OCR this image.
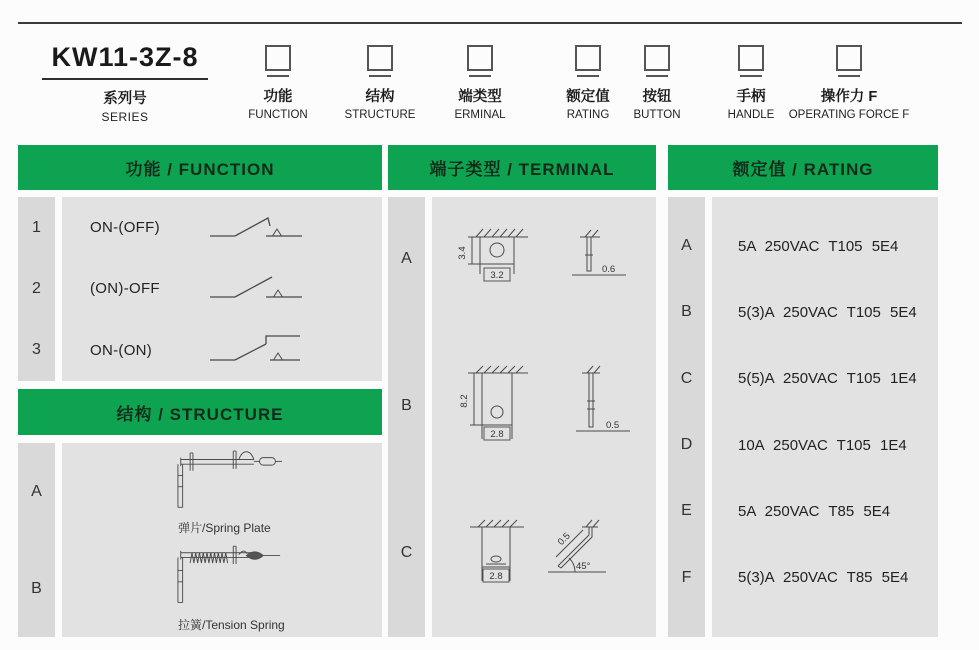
KW11-3Z-8
系列号
SERIES
功能
FUNCTION
结构
STRUCTURE
端类型
ERMINAL
额定值
RATING
按钮
BUTTON
手柄
HANDLE
操作力 F
OPERATING FORCE F
功能 / FUNCTION	端子类型 / TERMINAL	额定值 / RATING
结构 / STRUCTURE
1
2
3
ON-(OFF)
(ON)-OFF
ON-(ON)
A
B
弹片/Spring Plate
拉簧/Tension Spring
A
B
C
3.4
3.2
0.6
8.2
2.8
0.5
2.8
0.5
45°
A
B
C
D
E
F
5A 250VAC T105 5E4
5(3)A 250VAC T105 5E4
5(5)A 250VAC T105 1E4
10A 250VAC T105 1E4
5A 250VAC T85 5E4
5(3)A 250VAC T85 5E4
